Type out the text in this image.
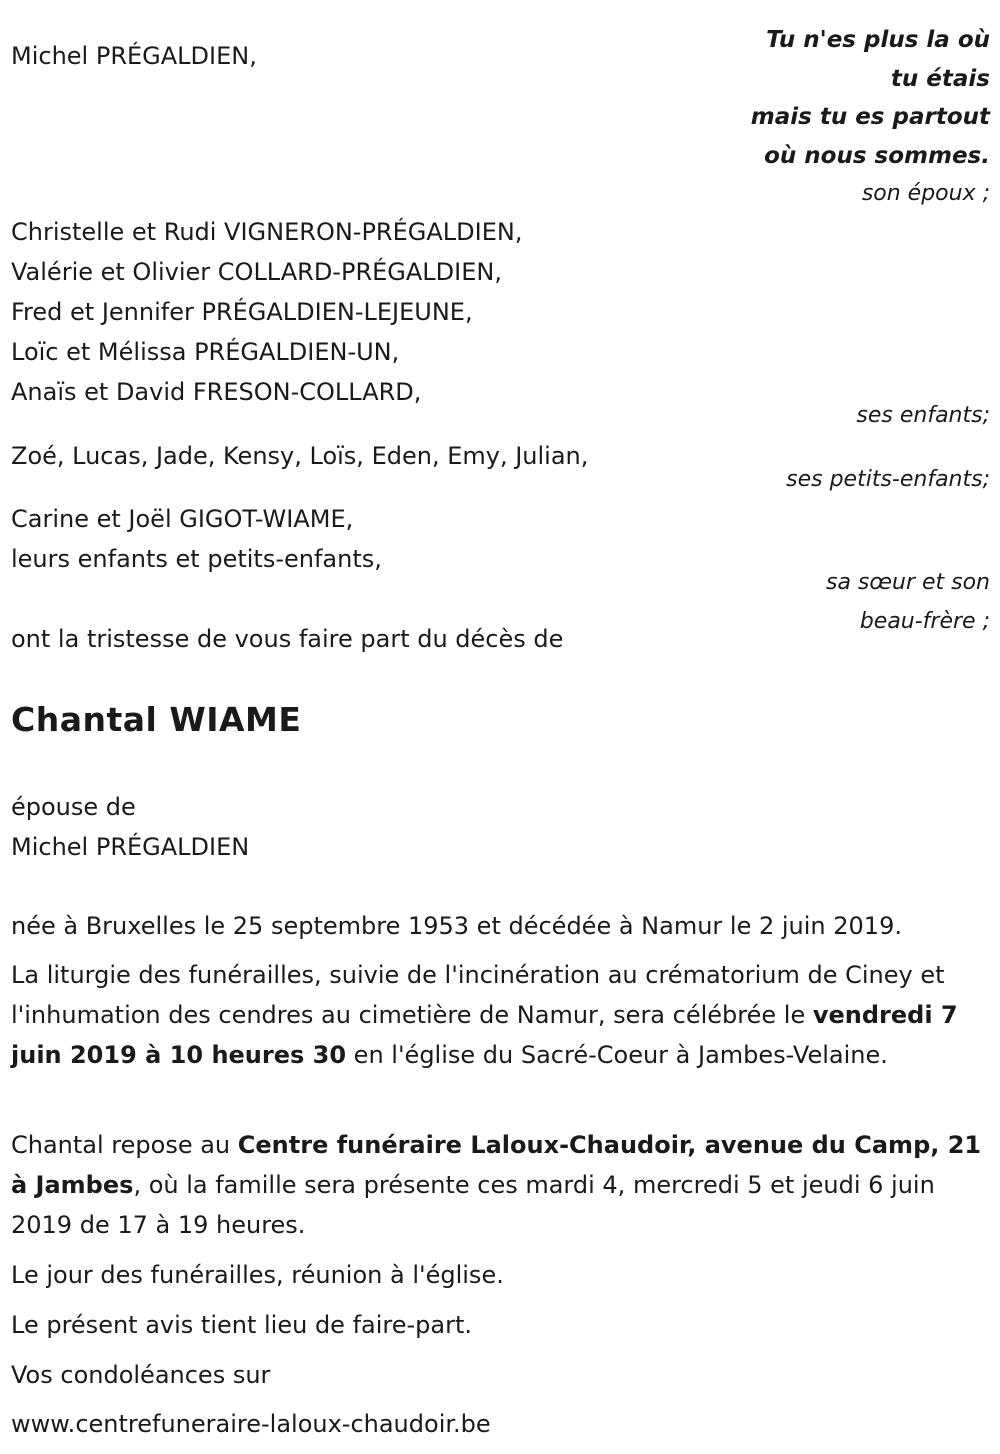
Tu n'es plus la où
tu étais
mais tu es partout
où nous sommes.
Michel PRÉGALDIEN,
son époux ;
Christelle et Rudi VIGNERON-PRÉGALDIEN,
Valérie et Olivier COLLARD-PRÉGALDIEN,
Fred et Jennifer PRÉGALDIEN-LEJEUNE,
Loïc et Mélissa PRÉGALDIEN-UN,
Anaïs et David FRESON-COLLARD,
ses enfants;
Zoé, Lucas, Jade, Kensy, Loïs, Eden, Emy, Julian,
ses petits-enfants;
Carine et Joël GIGOT-WIAME,
leurs enfants et petits-enfants,
sa sœur et son
beau-frère ;
ont la tristesse de vous faire part du décès de
Chantal WIAME
épouse de
Michel PRÉGALDIEN
née à Bruxelles le 25 septembre 1953 et décédée à Namur le 2 juin 2019.
La liturgie des funérailles, suivie de l'incinération au crématorium de Ciney et l'inhumation des cendres au cimetière de Namur, sera célébrée le vendredi 7 juin 2019 à 10 heures 30 en l'église du Sacré-Coeur à Jambes-Velaine.
Chantal repose au Centre funéraire Laloux-Chaudoir, avenue du Camp, 21 à Jambes, où la famille sera présente ces mardi 4, mercredi 5 et jeudi 6 juin 2019 de 17 à 19 heures.
Le jour des funérailles, réunion à l'église.
Le présent avis tient lieu de faire-part.
Vos condoléances sur
www.centrefuneraire-laloux-chaudoir.be
